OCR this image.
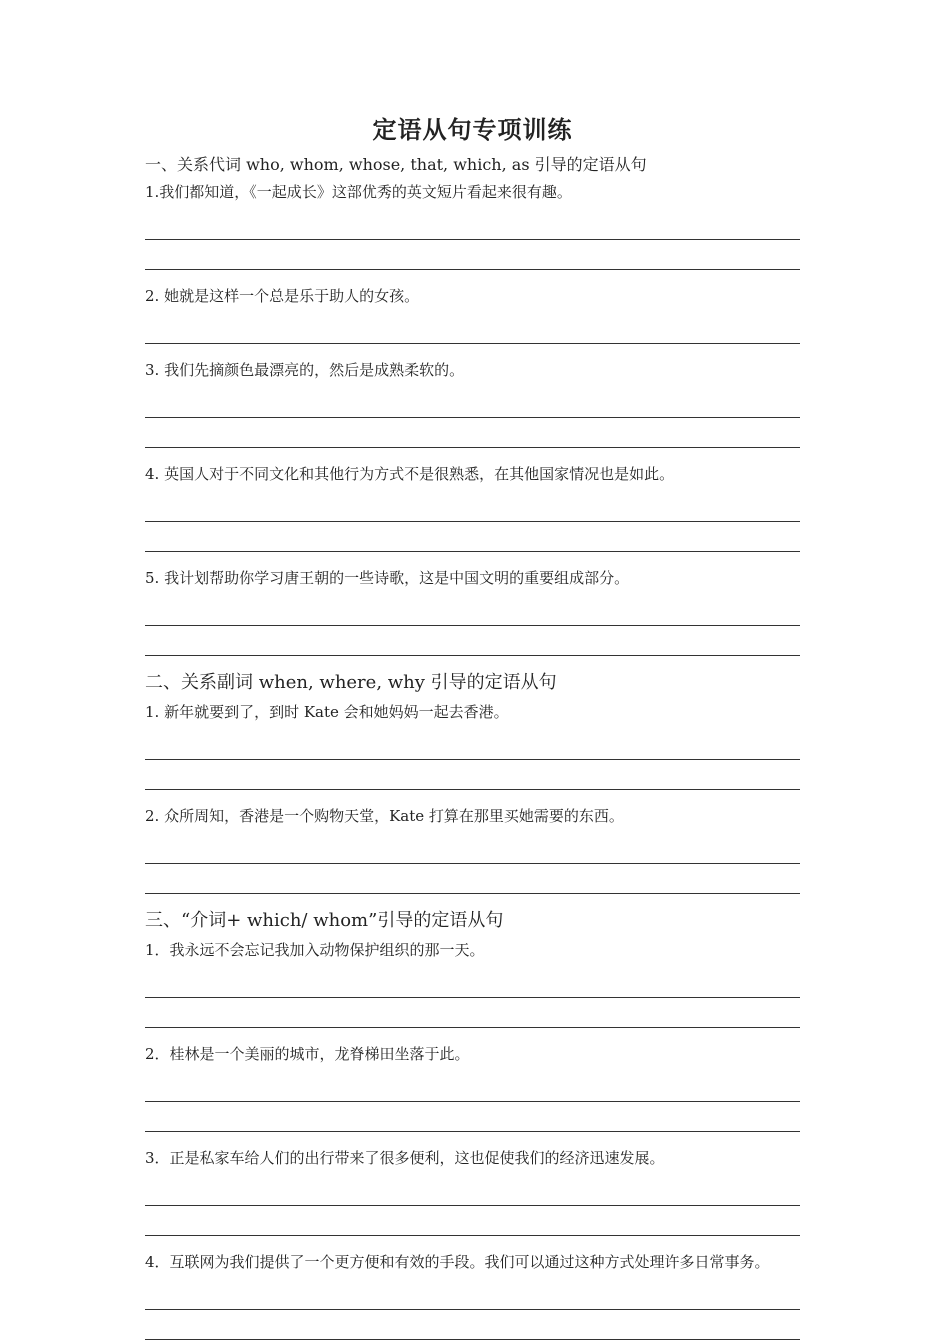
定语从句专项训练

一、关系代词 who, whom, whose, that, which, as 引导的定语从句

1.我们都知道，《一起成长》这部优秀的英文短片看起来很有趣。

2. 她就是这样一个总是乐于助人的女孩。

3. 我们先摘颜色最漂亮的，然后是成熟柔软的。

4. 英国人对于不同文化和其他行为方式不是很熟悉，在其他国家情况也是如此。

5. 我计划帮助你学习唐王朝的一些诗歌，这是中国文明的重要组成部分。

二、关系副词 when, where, why 引导的定语从句

1. 新年就要到了，到时 Kate 会和她妈妈一起去香港。

2. 众所周知，香港是一个购物天堂，Kate 打算在那里买她需要的东西。

三、“介词+ which/ whom”引导的定语从句

1．我永远不会忘记我加入动物保护组织的那一天。

2．桂林是一个美丽的城市，龙脊梯田坐落于此。

3．正是私家车给人们的出行带来了很多便利，这也促使我们的经济迅速发展。

4．互联网为我们提供了一个更方便和有效的手段。我们可以通过这种方式处理许多日常事务。
